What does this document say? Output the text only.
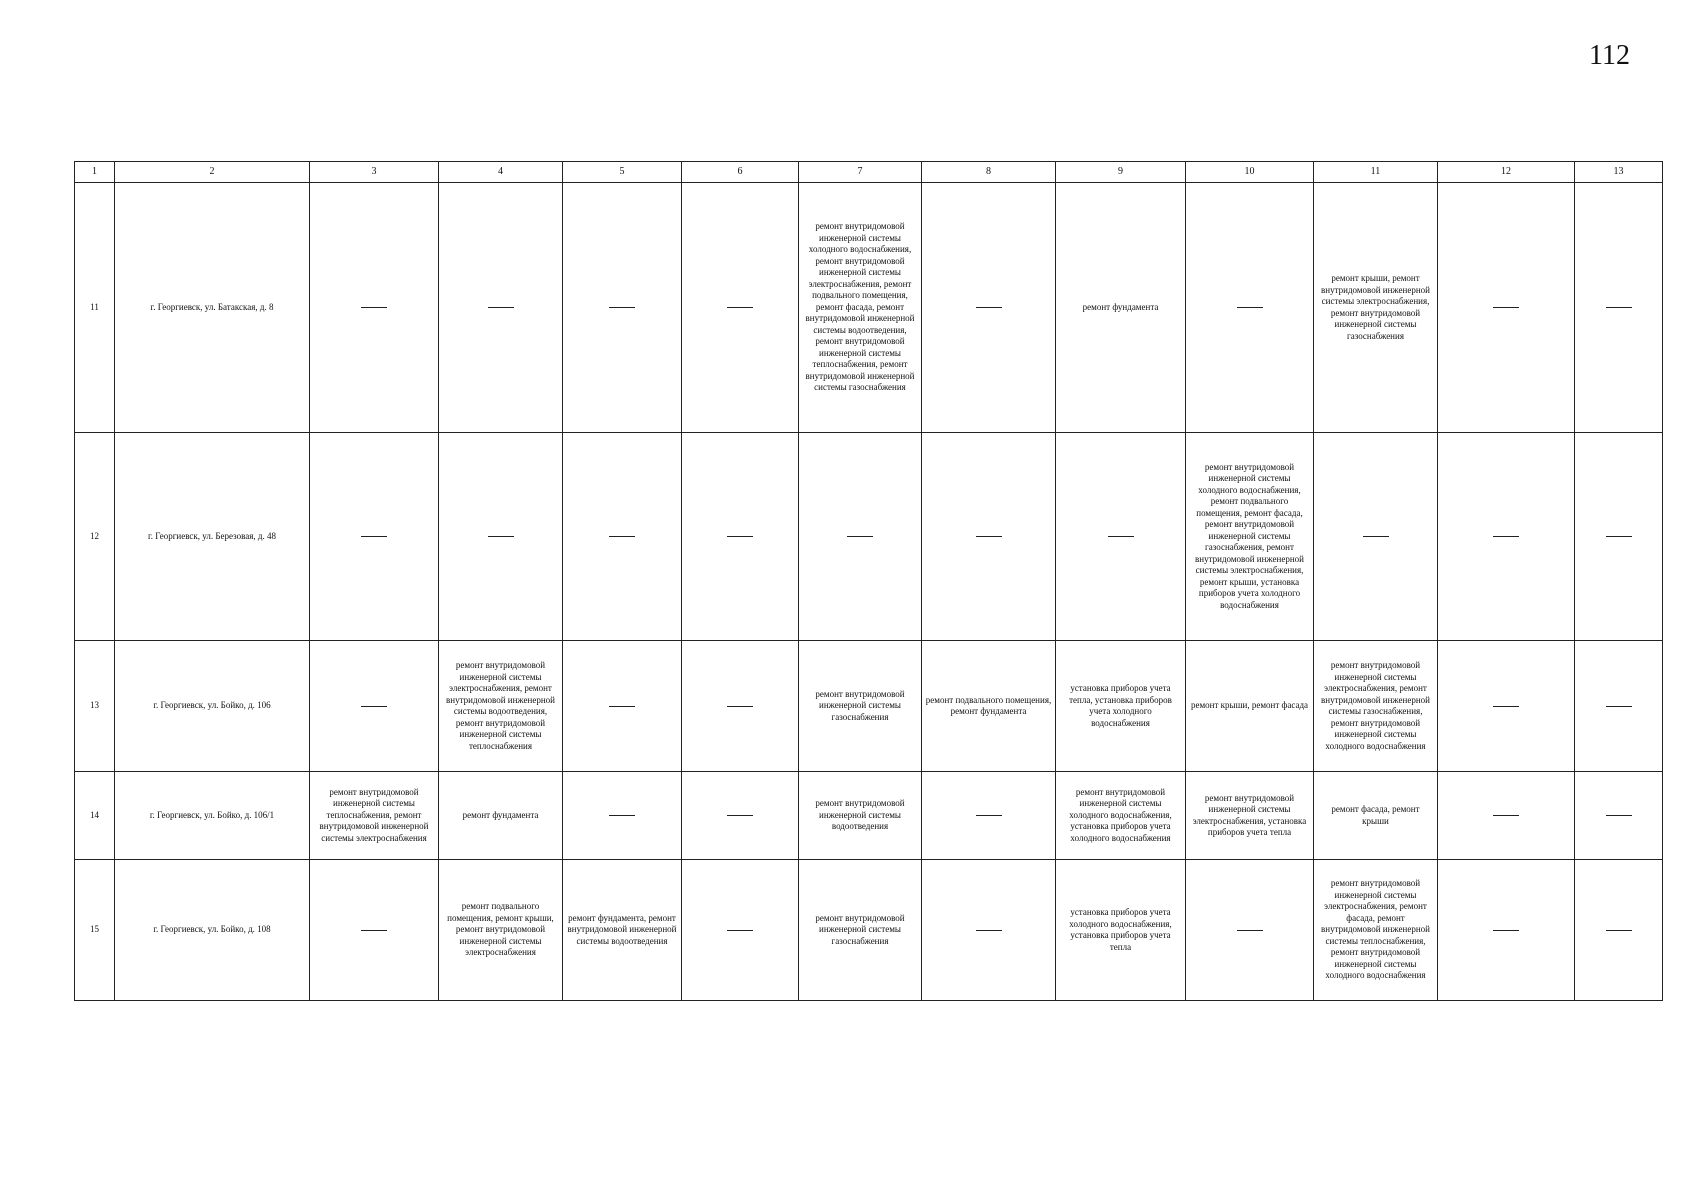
112
1	2	3	4	5	6	7	8	9	10	11	12	13
11	г. Георгиевск, ул. Батакская, д. 8					ремонт внутридомовой инженерной системы холодного водоснабжения, ремонт внутридомовой инженерной системы электроснабжения, ремонт подвального помещения, ремонт фасада, ремонт внутридомовой инженерной системы водоотведения, ремонт внутридомовой инженерной системы теплоснабжения, ремонт внутридомовой инженерной системы газоснабжения		ремонт фундамента		ремонт крыши, ремонт внутридомовой инженерной системы электроснабжения, ремонт внутридомовой инженерной системы газоснабжения		

12	г. Георгиевск, ул. Березовая, д. 48								ремонт внутридомовой инженерной системы холодного водоснабжения, ремонт подвального помещения, ремонт фасада, ремонт внутридомовой инженерной системы газоснабжения, ремонт внутридомовой инженерной системы электроснабжения, ремонт крыши, установка приборов учета холодного водоснабжения			

13	г. Георгиевск, ул. Бойко, д. 106		ремонт внутридомовой инженерной системы электроснабжения, ремонт внутридомовой инженерной системы водоотведения, ремонт внутридомовой инженерной системы теплоснабжения			ремонт внутридомовой инженерной системы газоснабжения	ремонт подвального помещения, ремонт фундамента	установка приборов учета тепла, установка приборов учета холодного водоснабжения	ремонт крыши, ремонт фасада	ремонт внутридомовой инженерной системы электроснабжения, ремонт внутридомовой инженерной системы газоснабжения, ремонт внутридомовой инженерной системы холодного водоснабжения		

14	г. Георгиевск, ул. Бойко, д. 106/1	ремонт внутридомовой инженерной системы теплоснабжения, ремонт внутридомовой инженерной системы электроснабжения	ремонт фундамента			ремонт внутридомовой инженерной системы водоотведения		ремонт внутридомовой инженерной системы холодного водоснабжения, установка приборов учета холодного водоснабжения	ремонт внутридомовой инженерной системы электроснабжения, установка приборов учета тепла	ремонт фасада, ремонт крыши		

15	г. Георгиевск, ул. Бойко, д. 108		ремонт подвального помещения, ремонт крыши, ремонт внутридомовой инженерной системы электроснабжения	ремонт фундамента, ремонт внутридомовой инженерной системы водоотведения		ремонт внутридомовой инженерной системы газоснабжения		установка приборов учета холодного водоснабжения, установка приборов учета тепла		ремонт внутридомовой инженерной системы электроснабжения, ремонт фасада, ремонт внутридомовой инженерной системы теплоснабжения, ремонт внутридомовой инженерной системы холодного водоснабжения		
